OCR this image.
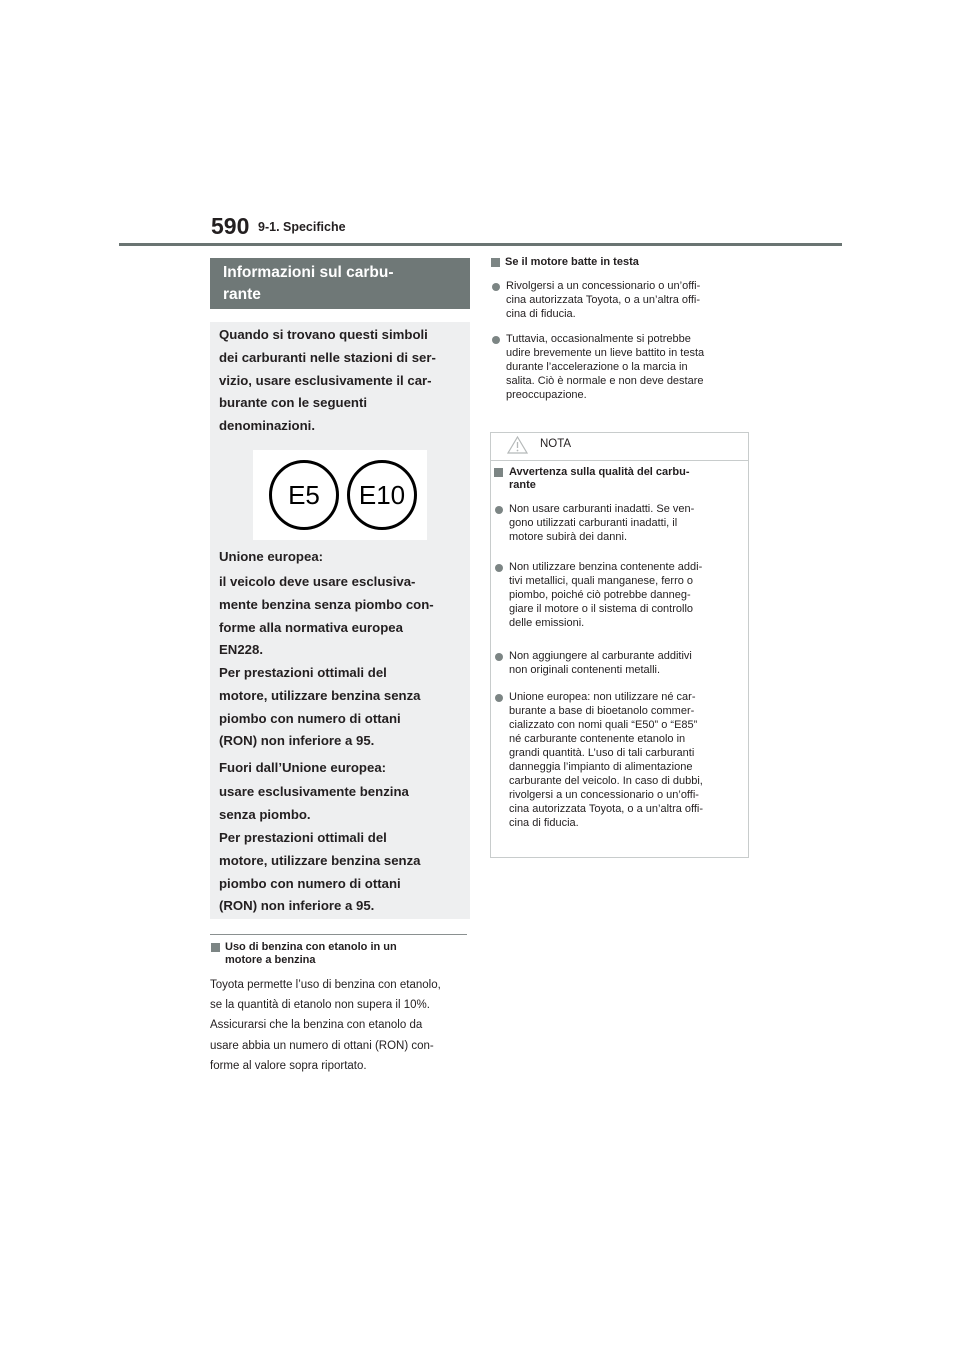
590 9-1. Specifiche
Informazioni sul carbu-
rante
Quando si trovano questi simboli
dei carburanti nelle stazioni di ser-
vizio, usare esclusivamente il car-
burante con le seguenti
denominazioni.
E5	E10
Unione europea:
il veicolo deve usare esclusiva-
mente benzina senza piombo con-
forme alla normativa europea
EN228.
Per prestazioni ottimali del
motore, utilizzare benzina senza
piombo con numero di ottani
(RON) non inferiore a 95.
Fuori dall’Unione europea:
usare esclusivamente benzina
senza piombo.
Per prestazioni ottimali del
motore, utilizzare benzina senza
piombo con numero di ottani
(RON) non inferiore a 95.
Uso di benzina con etanolo in un
motore a benzina
Toyota permette l’uso di benzina con etanolo,
se la quantità di etanolo non supera il 10%.
Assicurarsi che la benzina con etanolo da
usare abbia un numero di ottani (RON) con-
forme al valore sopra riportato.
Se il motore batte in testa
Rivolgersi a un concessionario o un’offi-
cina autorizzata Toyota, o a un’altra offi-
cina di fiducia.
Tuttavia, occasionalmente si potrebbe
udire brevemente un lieve battito in testa
durante l’accelerazione o la marcia in
salita. Ciò è normale e non deve destare
preoccupazione.
NOTA
Avvertenza sulla qualità del carbu-
rante
Non usare carburanti inadatti. Se ven-
gono utilizzati carburanti inadatti, il
motore subirà dei danni.
Non utilizzare benzina contenente addi-
tivi metallici, quali manganese, ferro o
piombo, poiché ciò potrebbe danneg-
giare il motore o il sistema di controllo
delle emissioni.
Non aggiungere al carburante additivi
non originali contenenti metalli.
Unione europea: non utilizzare né car-
burante a base di bioetanolo commer-
cializzato con nomi quali “E50” o “E85”
né carburante contenente etanolo in
grandi quantità. L’uso di tali carburanti
danneggia l’impianto di alimentazione
carburante del veicolo. In caso di dubbi,
rivolgersi a un concessionario o un’offi-
cina autorizzata Toyota, o a un’altra offi-
cina di fiducia.
